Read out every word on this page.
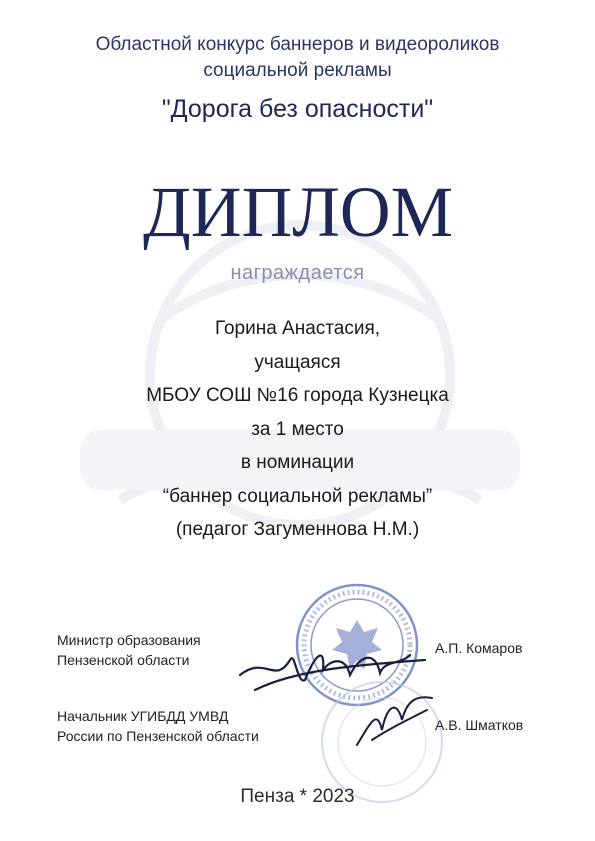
Областной конкурс баннеров и видеороликов
социальной рекламы
"Дорога без опасности"
ДИПЛОМ
награждается
Горина Анастасия,
учащаяся
МБОУ СОШ №16 города Кузнецка
за 1 место
в номинации
“баннер социальной рекламы”
(педагог Загуменнова Н.М.)
Министр образования
Пензенской области
А.П. Комаров
Начальник УГИБДД УМВД
России по Пензенской области
А.В. Шматков
Пенза * 2023
